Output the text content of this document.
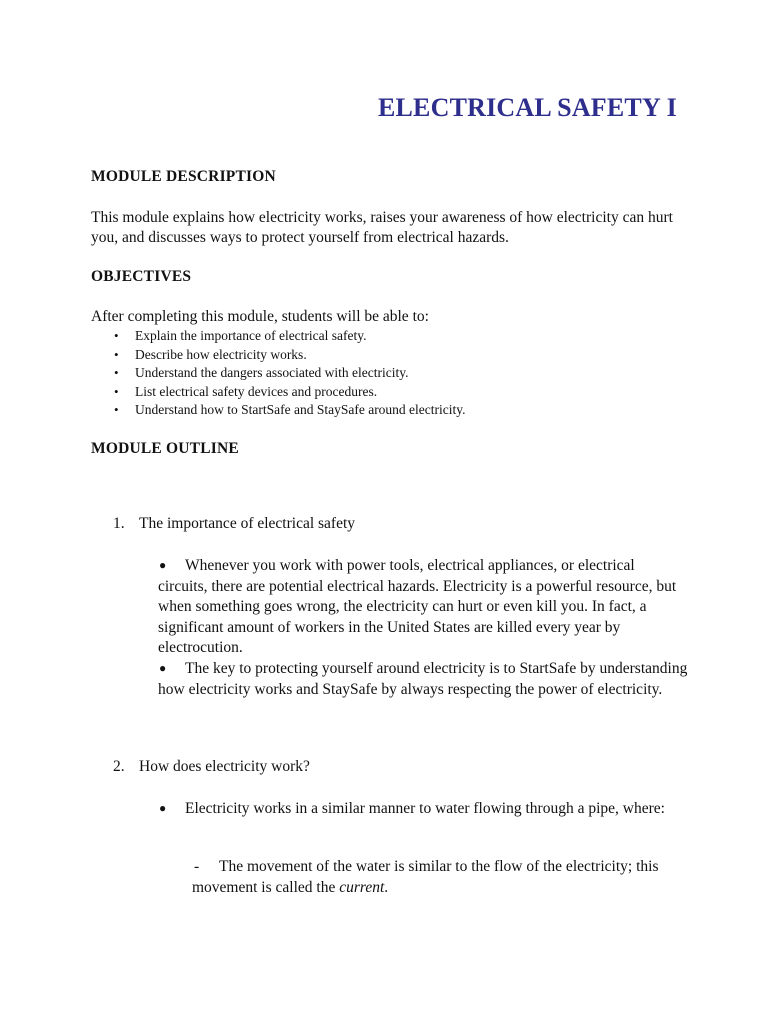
ELECTRICAL SAFETY I
MODULE DESCRIPTION
This module explains how electricity works, raises your awareness of how electricity can hurt you, and discusses ways to protect yourself from electrical hazards.
OBJECTIVES
After completing this module, students will be able to:
• Explain the importance of electrical safety.
• Describe how electricity works.
• Understand the dangers associated with electricity.
• List electrical safety devices and procedures.
• Understand how to StartSafe and StaySafe around electricity.
MODULE OUTLINE
1. The importance of electrical safety
● Whenever you work with power tools, electrical appliances, or electrical circuits, there are potential electrical hazards. Electricity is a powerful resource, but when something goes wrong, the electricity can hurt or even kill you. In fact, a significant amount of workers in the United States are killed every year by electrocution.
● The key to protecting yourself around electricity is to StartSafe by understanding how electricity works and StaySafe by always respecting the power of electricity.
2. How does electricity work?
● Electricity works in a similar manner to water flowing through a pipe, where:
- The movement of the water is similar to the flow of the electricity; this movement is called the current.
